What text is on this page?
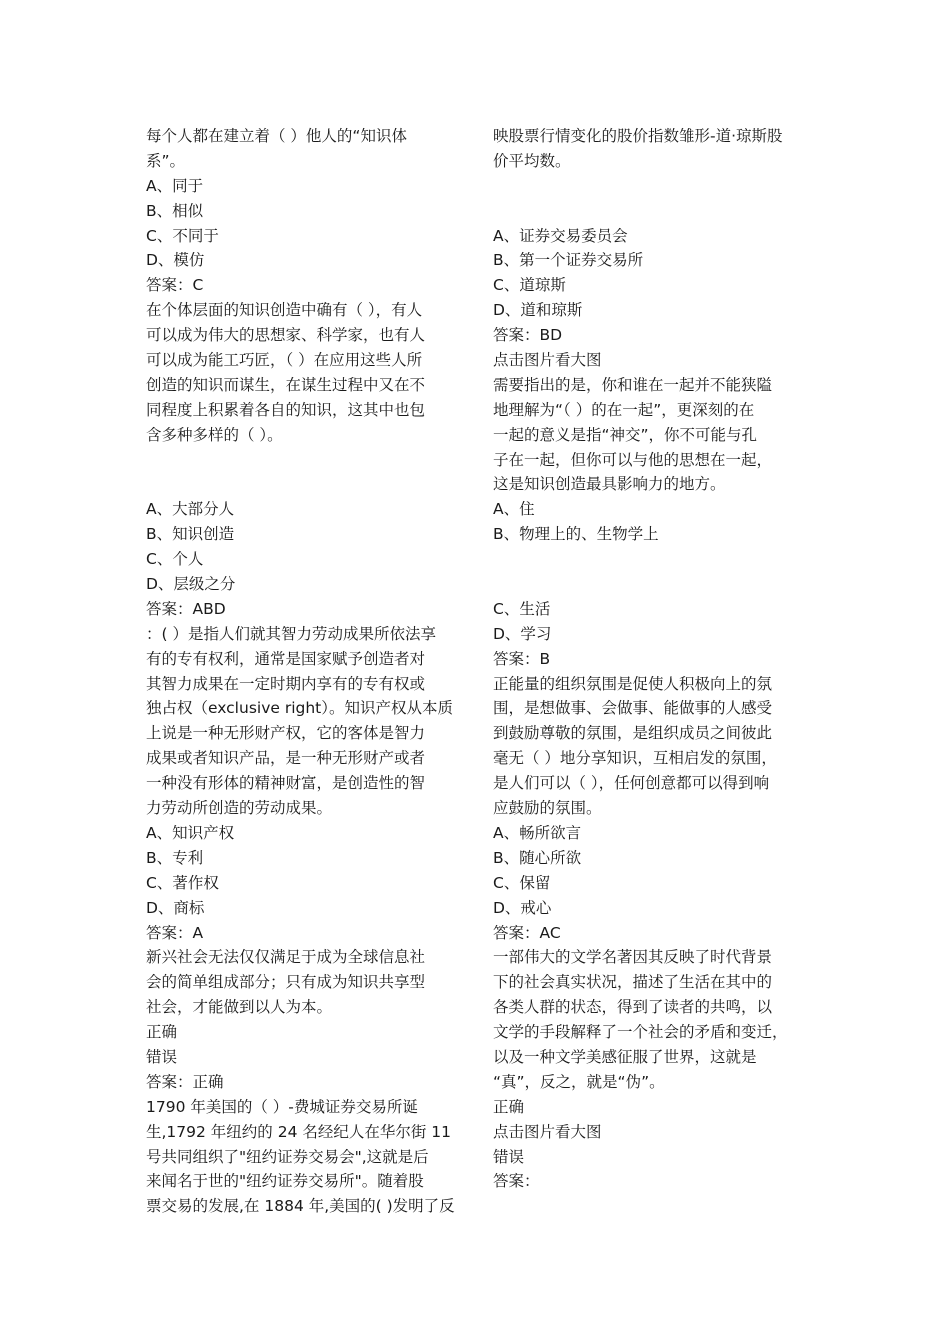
每个人都在建立着（ ）他人的“知识体
系”。
A、同于
B、相似
C、不同于
D、模仿
答案：C
在个体层面的知识创造中确有（ ），有人
可以成为伟大的思想家、科学家，也有人
可以成为能工巧匠，（ ）在应用这些人所
创造的知识而谋生，在谋生过程中又在不
同程度上积累着各自的知识，这其中也包
含多种多样的（ ）。
A、大部分人
B、知识创造
C、个人
D、层级之分
答案：ABD
：( ）是指人们就其智力劳动成果所依法享
有的专有权利，通常是国家赋予创造者对
其智力成果在一定时期内享有的专有权或
独占权（exclusive right）。知识产权从本质
上说是一种无形财产权，它的客体是智力
成果或者知识产品，是一种无形财产或者
一种没有形体的精神财富，是创造性的智
力劳动所创造的劳动成果。
A、知识产权
B、专利
C、著作权
D、商标
答案：A
新兴社会无法仅仅满足于成为全球信息社
会的简单组成部分；只有成为知识共享型
社会，才能做到以人为本。
正确
错误
答案：正确
1790 年美国的（ ）-费城证券交易所诞
生,1792 年纽约的 24 名经纪人在华尔街 11
号共同组织了"纽约证券交易会",这就是后
来闻名于世的"纽约证券交易所"。随着股
票交易的发展,在 1884 年,美国的( )发明了反
映股票行情变化的股价指数雏形-道·琼斯股
价平均数。
A、证券交易委员会
B、第一个证券交易所
C、道琼斯
D、道和琼斯
答案：BD
点击图片看大图
需要指出的是，你和谁在一起并不能狭隘
地理解为“（ ）的在一起”，更深刻的在
一起的意义是指“神交”，你不可能与孔
子在一起，但你可以与他的思想在一起，
这是知识创造最具影响力的地方。
A、住
B、物理上的、生物学上
C、生活
D、学习
答案：B
正能量的组织氛围是促使人积极向上的氛
围，是想做事、会做事、能做事的人感受
到鼓励尊敬的氛围，是组织成员之间彼此
毫无（ ）地分享知识，互相启发的氛围，
是人们可以（ ），任何创意都可以得到响
应鼓励的氛围。
A、畅所欲言
B、随心所欲
C、保留
D、戒心
答案：AC
一部伟大的文学名著因其反映了时代背景
下的社会真实状况，描述了生活在其中的
各类人群的状态，得到了读者的共鸣，以
文学的手段解释了一个社会的矛盾和变迁，
以及一种文学美感征服了世界，这就是
“真”，反之，就是“伪”。
正确
点击图片看大图
错误
答案：
